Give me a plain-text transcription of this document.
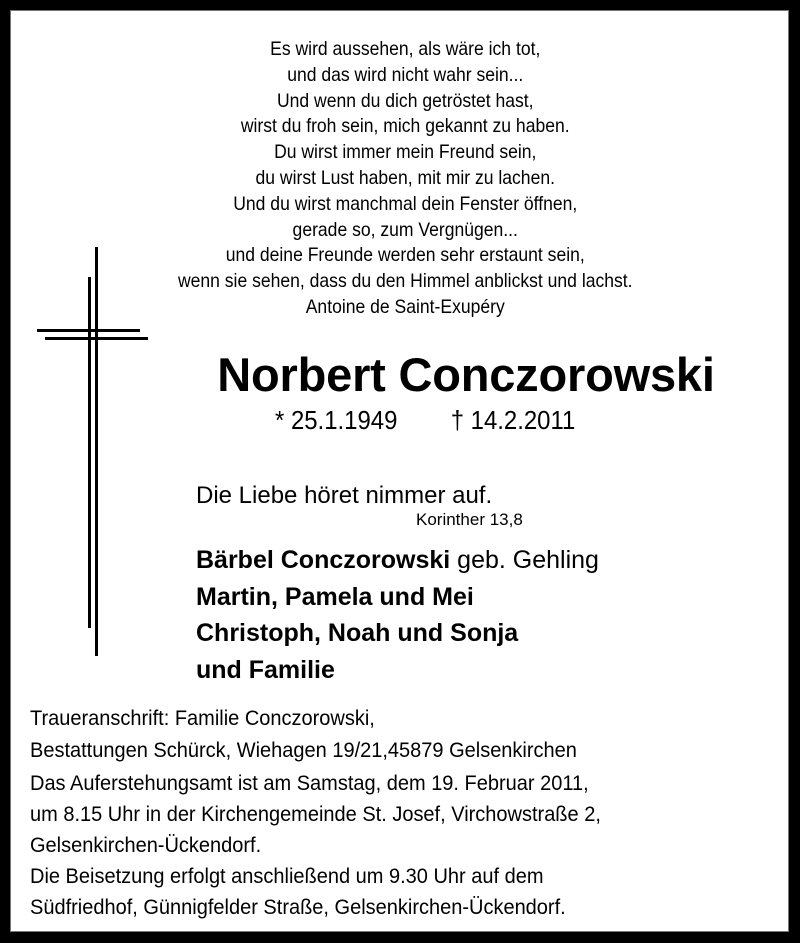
Es wird aussehen, als wäre ich tot,
und das wird nicht wahr sein...
Und wenn du dich getröstet hast,
wirst du froh sein, mich gekannt zu haben.
Du wirst immer mein Freund sein,
du wirst Lust haben, mit mir zu lachen.
Und du wirst manchmal dein Fenster öffnen,
gerade so, zum Vergnügen...
und deine Freunde werden sehr erstaunt sein,
wenn sie sehen, dass du den Himmel anblickst und lachst.
Antoine de Saint-Exupéry
Norbert Conczorowski
* 25.1.1949 † 14.2.2011
Die Liebe höret nimmer auf.
Korinther 13,8
Bärbel Conczorowski geb. Gehling
Martin, Pamela und Mei
Christoph, Noah und Sonja
und Familie
Traueranschrift: Familie Conczorowski,
Bestattungen Schürck, Wiehagen 19/21,45879 Gelsenkirchen
Das Auferstehungsamt ist am Samstag, dem 19. Februar 2011,
um 8.15 Uhr in der Kirchengemeinde St. Josef, Virchowstraße 2,
Gelsenkirchen-Ückendorf.
Die Beisetzung erfolgt anschließend um 9.30 Uhr auf dem
Südfriedhof, Günnigfelder Straße, Gelsenkirchen-Ückendorf.
